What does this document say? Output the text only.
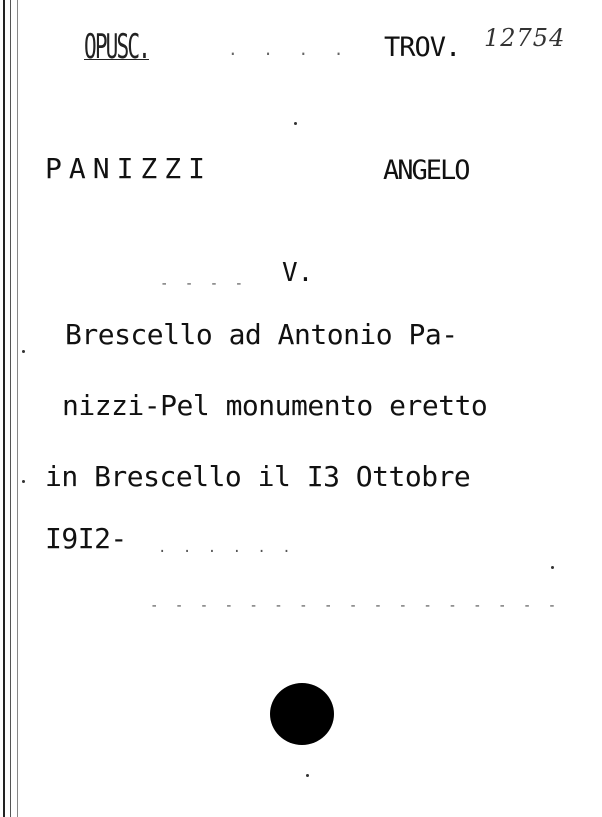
OPUSC.	. . . . TROV. 12754
PANIZZI	ANGELO
- - - - V.
Brescello ad Antonio Pa-
nizzi-Pel monumento eretto
in Brescello il I3 Ottobre
I9I2- . . . . . .
- - - - - - - - - - - - - - - - -
